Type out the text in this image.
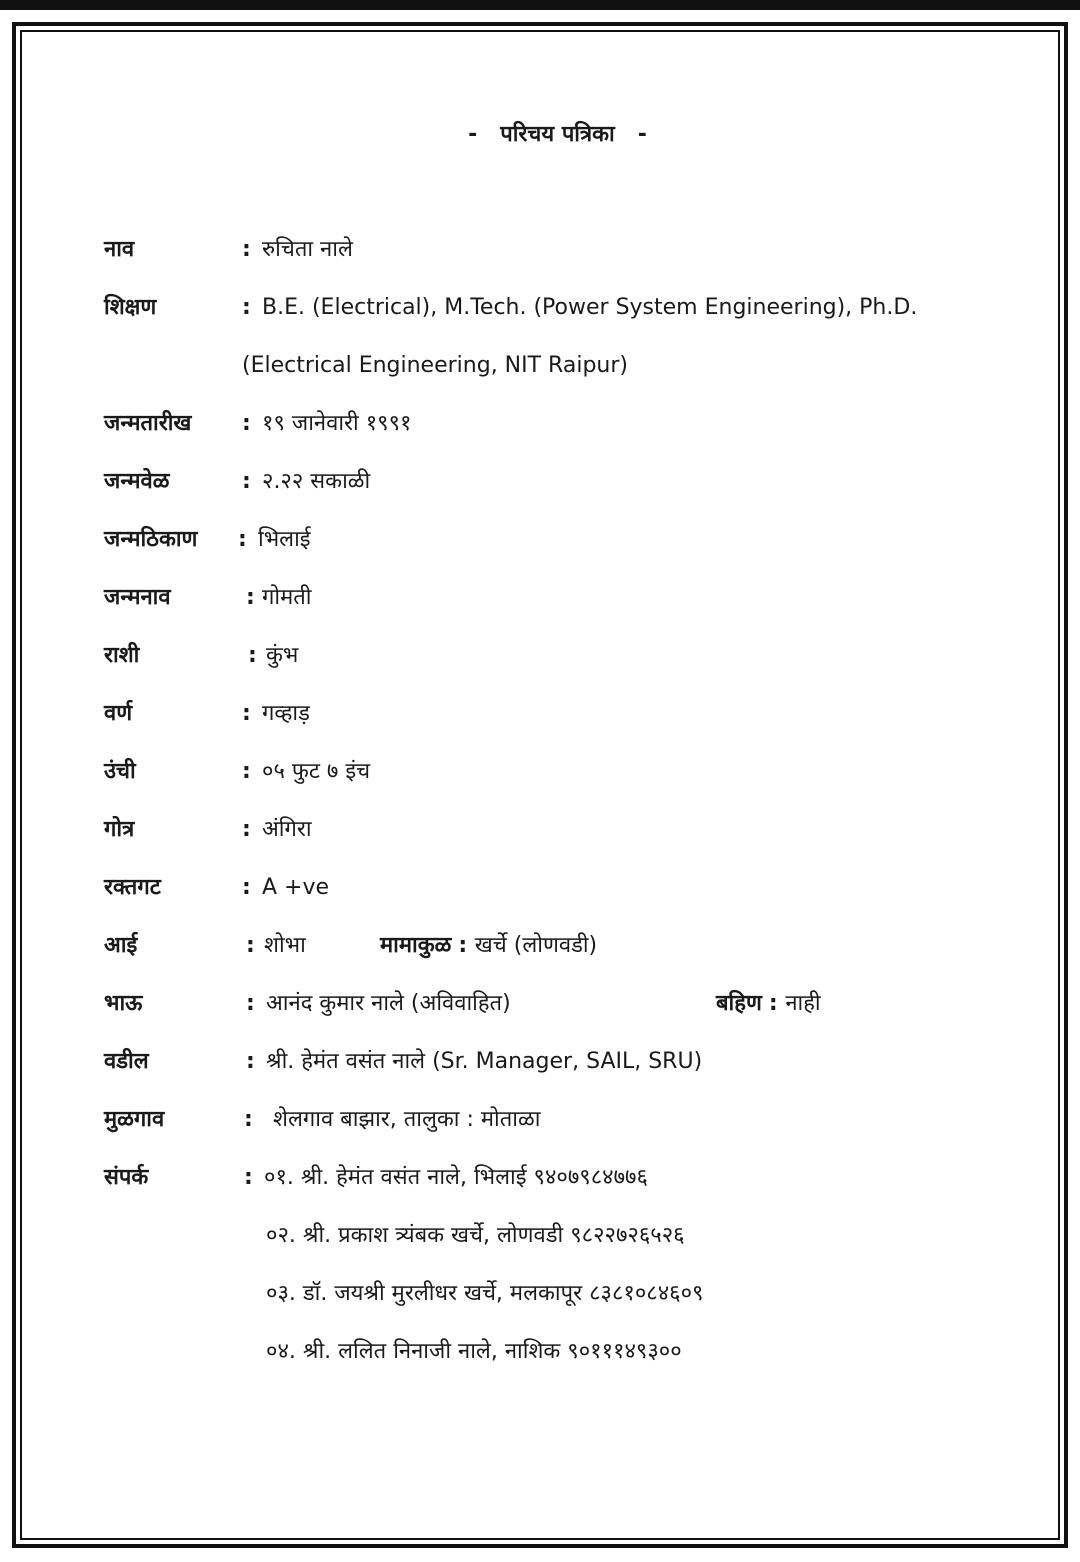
-   परिचय पत्रिका   -
नाव	: रुचिता नाले
शिक्षण	: B.E. (Electrical), M.Tech. (Power System Engineering), Ph.D.
(Electrical Engineering, NIT Raipur)
जन्मतारीख : १९ जानेवारी १९९१
जन्मवेळ	: २.२२ सकाळी
जन्मठिकाण : भिलाई
जन्मनाव	: गोमती
राशी	: कुंभ
वर्ण	: गव्हाड़
उंची	: ०५ फुट ७ इंच
गोत्र	: अंगिरा
रक्तगट	: A +ve
आई	: शोभा	मामाकुळ : खर्चे (लोणवडी)
भाऊ	: आनंद कुमार नाले (अविवाहित)	बहिण : नाही
वडील	: श्री. हेमंत वसंत नाले (Sr. Manager, SAIL, SRU)
मुळगाव	: शेलगाव बाझार, तालुका : मोताळा
संपर्क	: ०१. श्री. हेमंत वसंत नाले, भिलाई ९४०७९८४७७६
०२. श्री. प्रकाश त्र्यंबक खर्चे, लोणवडी ९८२२७२६५२६
०३. डॉ. जयश्री मुरलीधर खर्चे, मलकापूर ८३८१०८४६०९
०४. श्री. ललित निनाजी नाले, नाशिक ९०१११४९३००
